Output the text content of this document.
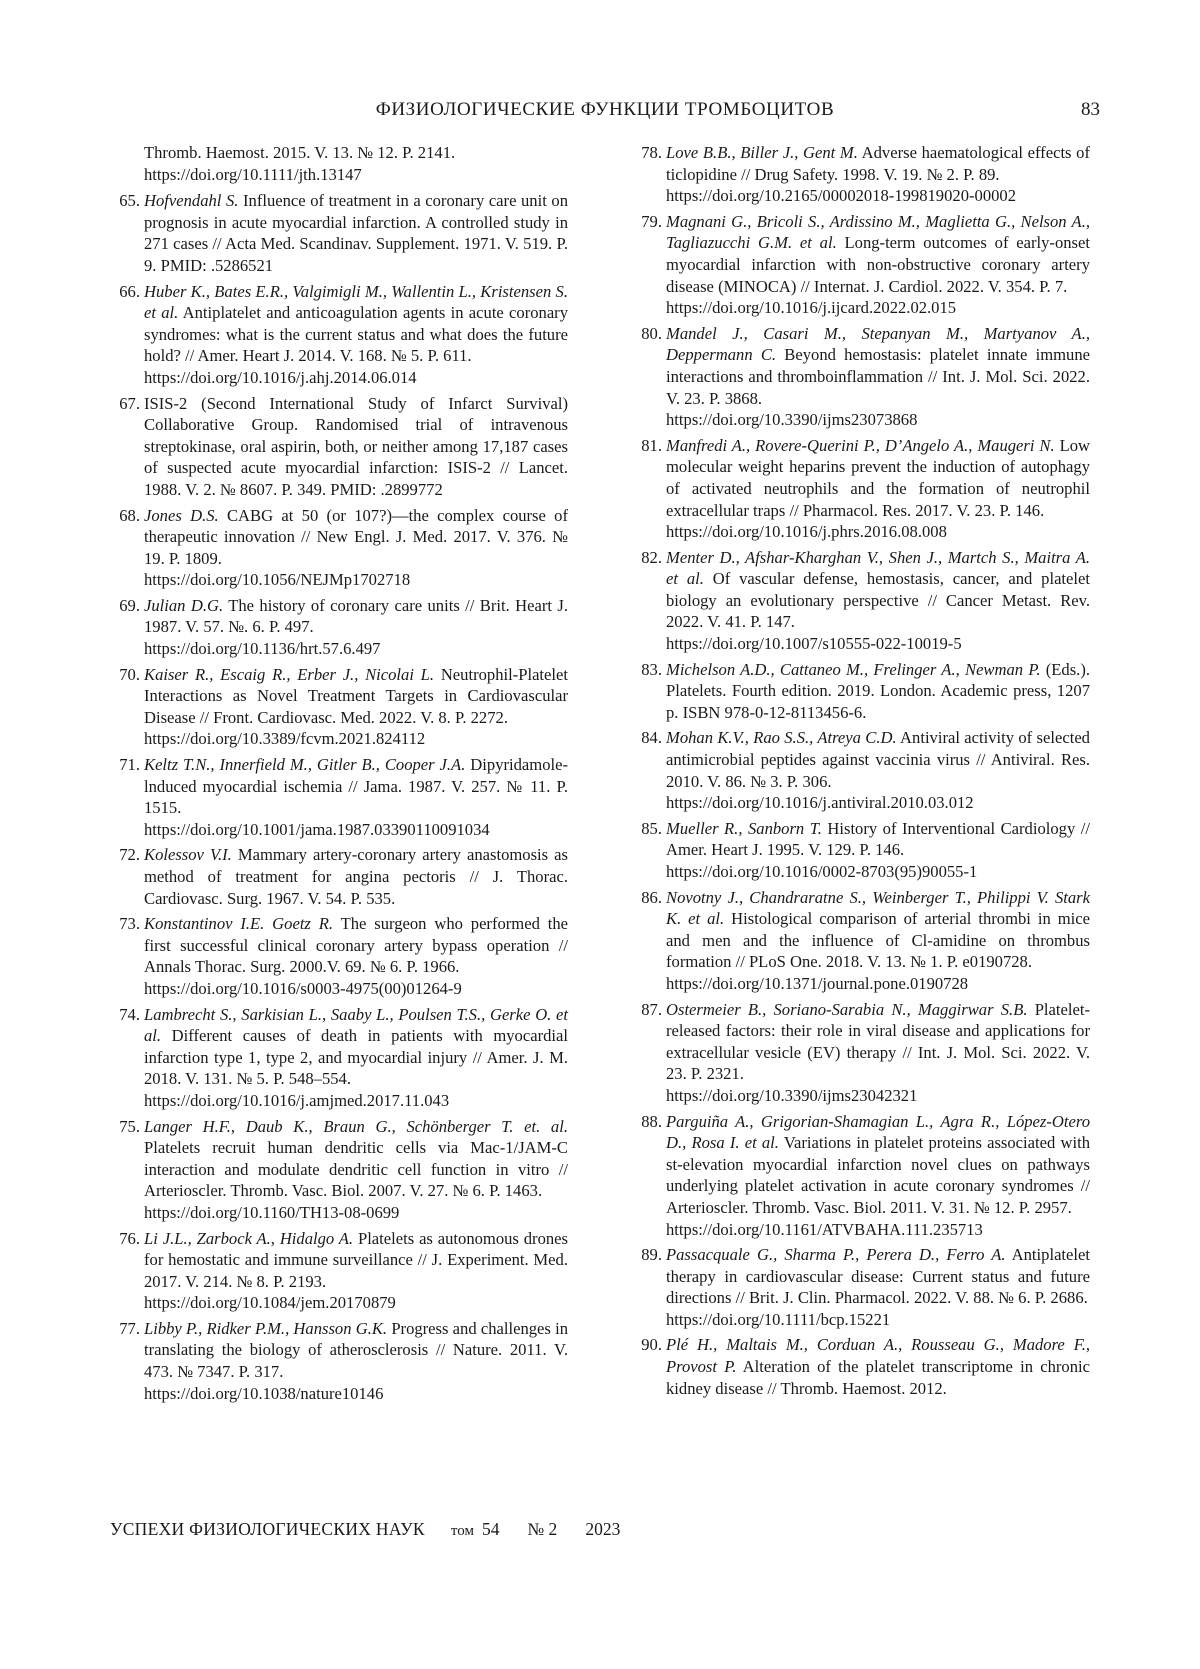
ФИЗИОЛОГИЧЕСКИЕ ФУНКЦИИ ТРОМБОЦИТОВ	83
Thromb. Haemost. 2015. V. 13. № 12. P. 2141.
https://doi.org/10.1111/jth.13147
65. Hofvendahl S. Influence of treatment in a coronary care unit on prognosis in acute myocardial infarction. A controlled study in 271 cases // Acta Med. Scandinav. Supplement. 1971. V. 519. P. 9. PMID: .5286521
66. Huber K., Bates E.R., Valgimigli M., Wallentin L., Kristensen S. et al. Antiplatelet and anticoagulation agents in acute coronary syndromes: what is the current status and what does the future hold? // Amer. Heart J. 2014. V. 168. № 5. P. 611.
https://doi.org/10.1016/j.ahj.2014.06.014
67. ISIS-2 (Second International Study of Infarct Survival) Collaborative Group. Randomised trial of intravenous streptokinase, oral aspirin, both, or neither among 17,187 cases of suspected acute myocardial infarction: ISIS-2 // Lancet. 1988. V. 2. № 8607. P. 349. PMID: .2899772
68. Jones D.S. CABG at 50 (or 107?)—the complex course of therapeutic innovation // New Engl. J. Med. 2017. V. 376. № 19. P. 1809.
https://doi.org/10.1056/NEJMp1702718
69. Julian D.G. The history of coronary care units // Brit. Heart J. 1987. V. 57. №. 6. P. 497.
https://doi.org/10.1136/hrt.57.6.497
70. Kaiser R., Escaig R., Erber J., Nicolai L. Neutrophil-Platelet Interactions as Novel Treatment Targets in Cardiovascular Disease // Front. Cardiovasc. Med. 2022. V. 8. P. 2272.
https://doi.org/10.3389/fcvm.2021.824112
71. Keltz T.N., Innerfield M., Gitler B., Cooper J.A. Dipyridamole-lnduced myocardial ischemia // Jama. 1987. V. 257. № 11. P. 1515.
https://doi.org/10.1001/jama.1987.03390110091034
72. Kolessov V.I. Mammary artery-coronary artery anastomosis as method of treatment for angina pectoris // J. Thorac. Cardiovasc. Surg. 1967. V. 54. P. 535.
73. Konstantinov I.E. Goetz R. The surgeon who performed the first successful clinical coronary artery bypass operation // Annals Thorac. Surg. 2000.V. 69. № 6. P. 1966.
https://doi.org/10.1016/s0003-4975(00)01264-9
74. Lambrecht S., Sarkisian L., Saaby L., Poulsen T.S., Gerke O. et al. Different causes of death in patients with myocardial infarction type 1, type 2, and myocardial injury // Amer. J. M. 2018. V. 131. № 5. P. 548–554.
https://doi.org/10.1016/j.amjmed.2017.11.043
75. Langer H.F., Daub K., Braun G., Schönberger T. et. al. Platelets recruit human dendritic cells via Mac-1/JAM-C interaction and modulate dendritic cell function in vitro // Arterioscler. Thromb. Vasc. Biol. 2007. V. 27. № 6. P. 1463.
https://doi.org/10.1160/TH13-08-0699
76. Li J.L., Zarbock A., Hidalgo A. Platelets as autonomous drones for hemostatic and immune surveillance // J. Experiment. Med. 2017. V. 214. № 8. P. 2193.
https://doi.org/10.1084/jem.20170879
77. Libby P., Ridker P.M., Hansson G.K. Progress and challenges in translating the biology of atherosclerosis // Nature. 2011. V. 473. № 7347. P. 317.
https://doi.org/10.1038/nature10146
78. Love B.B., Biller J., Gent M. Adverse haematological effects of ticlopidine // Drug Safety. 1998. V. 19. № 2. P. 89.
https://doi.org/10.2165/00002018-199819020-00002
79. Magnani G., Bricoli S., Ardissino M., Maglietta G., Nelson A., Tagliazucchi G.M. et al. Long-term outcomes of early-onset myocardial infarction with non-obstructive coronary artery disease (MINOCA) // Internat. J. Cardiol. 2022. V. 354. P. 7.
https://doi.org/10.1016/j.ijcard.2022.02.015
80. Mandel J., Casari M., Stepanyan M., Martyanov A., Deppermann C. Beyond hemostasis: platelet innate immune interactions and thromboinflammation // Int. J. Mol. Sci. 2022. V. 23. P. 3868.
https://doi.org/10.3390/ijms23073868
81. Manfredi A., Rovere-Querini P., D’Angelo A., Maugeri N. Low molecular weight heparins prevent the induction of autophagy of activated neutrophils and the formation of neutrophil extracellular traps // Pharmacol. Res. 2017. V. 23. P. 146.
https://doi.org/10.1016/j.phrs.2016.08.008
82. Menter D., Afshar-Kharghan V., Shen J., Martch S., Maitra A. et al. Of vascular defense, hemostasis, cancer, and platelet biology an evolutionary perspective // Cancer Metast. Rev. 2022. V. 41. P. 147.
https://doi.org/10.1007/s10555-022-10019-5
83. Michelson A.D., Cattaneo M., Frelinger A., Newman P. (Eds.). Platelets. Fourth edition. 2019. London. Academic press, 1207 p. ISBN 978-0-12-8113456-6.
84. Mohan K.V., Rao S.S., Atreya C.D. Antiviral activity of selected antimicrobial peptides against vaccinia virus // Antiviral. Res. 2010. V. 86. № 3. P. 306.
https://doi.org/10.1016/j.antiviral.2010.03.012
85. Mueller R., Sanborn T. History of Interventional Cardiology // Amer. Heart J. 1995. V. 129. P. 146.
https://doi.org/10.1016/0002-8703(95)90055-1
86. Novotny J., Chandraratne S., Weinberger T., Philippi V. Stark K. et al. Histological comparison of arterial thrombi in mice and men and the influence of Cl-amidine on thrombus formation // PLoS One. 2018. V. 13. № 1. P. e0190728.
https://doi.org/10.1371/journal.pone.0190728
87. Ostermeier B., Soriano-Sarabia N., Maggirwar S.B. Platelet-released factors: their role in viral disease and applications for extracellular vesicle (EV) therapy // Int. J. Mol. Sci. 2022. V. 23. P. 2321.
https://doi.org/10.3390/ijms23042321
88. Parguiña A., Grigorian-Shamagian L., Agra R., López-Otero D., Rosa I. et al. Variations in platelet proteins associated with st-elevation myocardial infarction novel clues on pathways underlying platelet activation in acute coronary syndromes // Arterioscler. Thromb. Vasc. Biol. 2011. V. 31. № 12. P. 2957.
https://doi.org/10.1161/ATVBAHA.111.235713
89. Passacquale G., Sharma P., Perera D., Ferro A. Antiplatelet therapy in cardiovascular disease: Current status and future directions // Brit. J. Clin. Pharmacol. 2022. V. 88. № 6. P. 2686.
https://doi.org/10.1111/bcp.15221
90. Plé H., Maltais M., Corduan A., Rousseau G., Madore F., Provost P. Alteration of the platelet transcriptome in chronic kidney disease // Thromb. Haemost. 2012.
УСПЕХИ ФИЗИОЛОГИЧЕСКИХ НАУК том 54 № 2 2023
